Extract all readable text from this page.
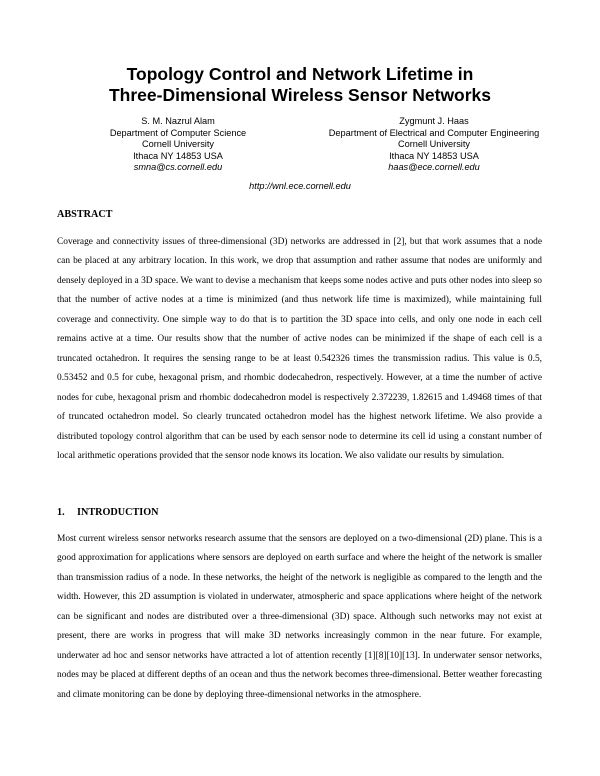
Topology Control and Network Lifetime in
Three-Dimensional Wireless Sensor Networks
S. M. Nazrul Alam
Department of Computer Science
Cornell University
Ithaca NY 14853 USA
smna@cs.cornell.edu
Zygmunt J. Haas
Department of Electrical and Computer Engineering
Cornell University
Ithaca NY 14853 USA
haas@ece.cornell.edu
http://wnl.ece.cornell.edu
ABSTRACT

Coverage and connectivity issues of three-dimensional (3D) networks are addressed in [2], but that work assumes that a node can be placed at any arbitrary location. In this work, we drop that assumption and rather assume that nodes are uniformly and densely deployed in a 3D space. We want to devise a mechanism that keeps some nodes active and puts other nodes into sleep so that the number of active nodes at a time is minimized (and thus network life time is maximized), while maintaining full coverage and connectivity. One simple way to do that is to partition the 3D space into cells, and only one node in each cell remains active at a time. Our results show that the number of active nodes can be minimized if the shape of each cell is a truncated octahedron. It requires the sensing range to be at least 0.542326 times the transmission radius. This value is 0.5, 0.53452 and 0.5 for cube, hexagonal prism, and rhombic dodecahedron, respectively. However, at a time the number of active nodes for cube, hexagonal prism and rhombic dodecahedron model is respectively 2.372239, 1.82615 and 1.49468 times of that of truncated octahedron model. So clearly truncated octahedron model has the highest network lifetime. We also provide a distributed topology control algorithm that can be used by each sensor node to determine its cell id using a constant number of local arithmetic operations provided that the sensor node knows its location. We also validate our results by simulation.

1. INTRODUCTION

Most current wireless sensor networks research assume that the sensors are deployed on a two-dimensional (2D) plane. This is a good approximation for applications where sensors are deployed on earth surface and where the height of the network is smaller than transmission radius of a node. In these networks, the height of the network is negligible as compared to the length and the width. However, this 2D assumption is violated in underwater, atmospheric and space applications where height of the network can be significant and nodes are distributed over a three-dimensional (3D) space. Although such networks may not exist at present, there are works in progress that will make 3D networks increasingly common in the near future. For example, underwater ad hoc and sensor networks have attracted a lot of attention recently [1][8][10][13]. In underwater sensor networks, nodes may be placed at different depths of an ocean and thus the network becomes three-dimensional. Better weather forecasting and climate monitoring can be done by deploying three-dimensional networks in the atmosphere.
